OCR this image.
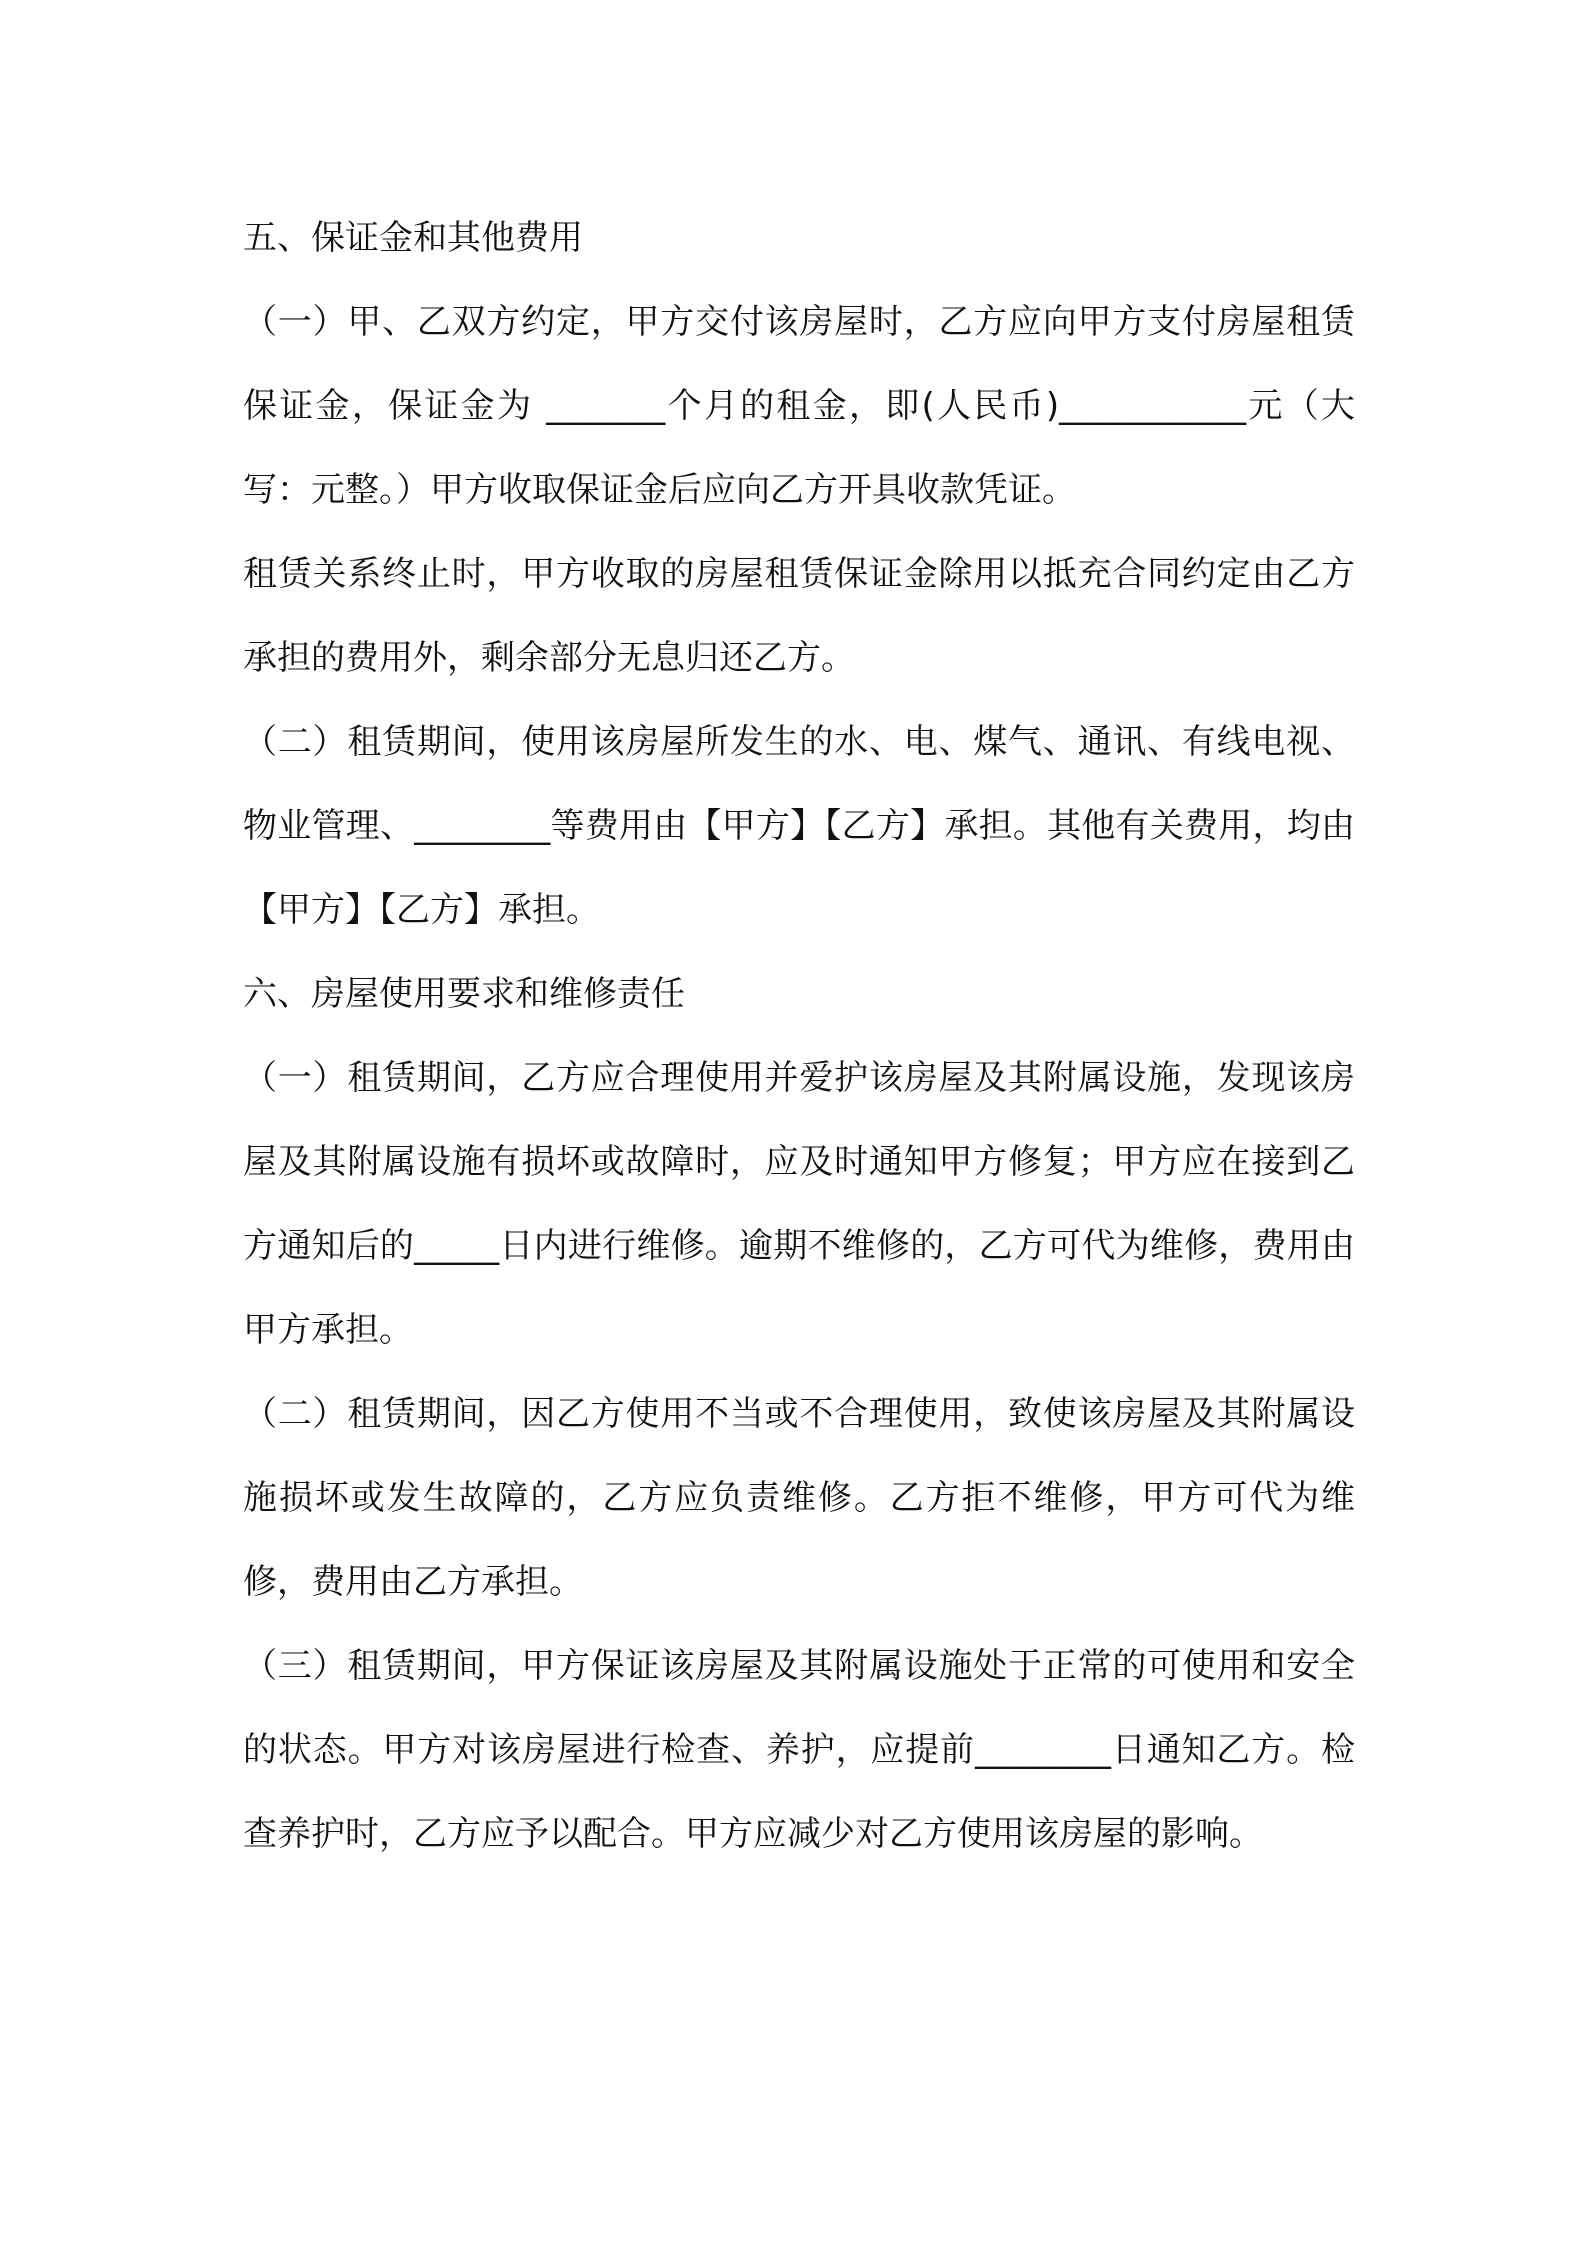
五、保证金和其他费用

（一）甲、乙双方约定，甲方交付该房屋时，乙方应向甲方支付房屋租赁保证金，保证金为 _______个月的租金，即(人民币)___________元（大写：元整。）甲方收取保证金后应向乙方开具收款凭证。

租赁关系终止时，甲方收取的房屋租赁保证金除用以抵充合同约定由乙方承担的费用外，剩余部分无息归还乙方。

（二）租赁期间，使用该房屋所发生的水、电、煤气、通讯、有线电视、物业管理、________等费用由【甲方】【乙方】承担。其他有关费用，均由【甲方】【乙方】承担。

六、房屋使用要求和维修责任

（一）租赁期间，乙方应合理使用并爱护该房屋及其附属设施，发现该房屋及其附属设施有损坏或故障时，应及时通知甲方修复；甲方应在接到乙方通知后的_____日内进行维修。逾期不维修的，乙方可代为维修，费用由甲方承担。

（二）租赁期间，因乙方使用不当或不合理使用，致使该房屋及其附属设施损坏或发生故障的，乙方应负责维修。乙方拒不维修，甲方可代为维修，费用由乙方承担。

（三）租赁期间，甲方保证该房屋及其附属设施处于正常的可使用和安全的状态。甲方对该房屋进行检查、养护，应提前________日通知乙方。检查养护时，乙方应予以配合。甲方应减少对乙方使用该房屋的影响。
